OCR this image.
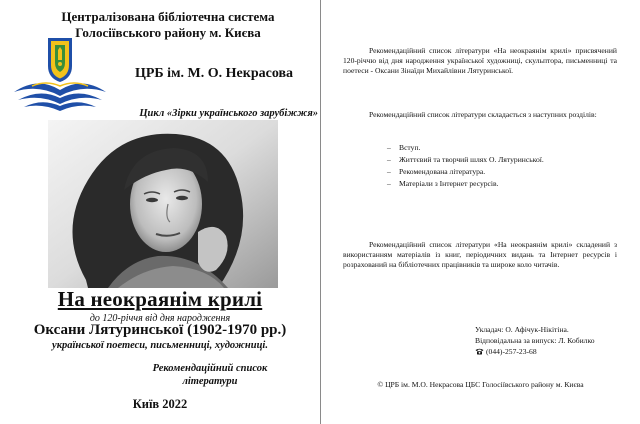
Централізована бібліотечна система
Голосіївського району м. Києва
ЦРБ ім. М. О. Некрасова
Цикл «Зірки українського зарубіжжя»
На неокраянім крилі
до 120-річчя від дня народження
Оксани Лятуринської (1902-1970 рр.)
української поетеси, письменниці, художниці.
Рекомендаційний список
літератури
Київ 2022

Рекомендаційний список літератури «На неокраянім крилі» присвячений 120-річчю від дня народження української художниці, скульптора, письменниці та поетеси - Оксани Зінаїди Михайлівни Лятуринської.

Рекомендаційний список літератури складається з наступних розділів:

– Вступ.
– Життєвий та творчий шлях О. Лятуринської.
– Рекомендована література.
– Матеріали з Інтернет ресурсів.

Рекомендаційний список літератури «На неокраянім крилі» складений з використанням матеріалів із книг, періодичних видань та Інтернет ресурсів і розрахований на бібліотечних працівників та широке коло читачів.

Укладач: О. Афічук-Нікітіна.
Відповідальна за випуск: Л. Кобилко
(044)-257-23-68
© ЦРБ ім. М.О. Некрасова ЦБС Голосіївського району м. Києва
